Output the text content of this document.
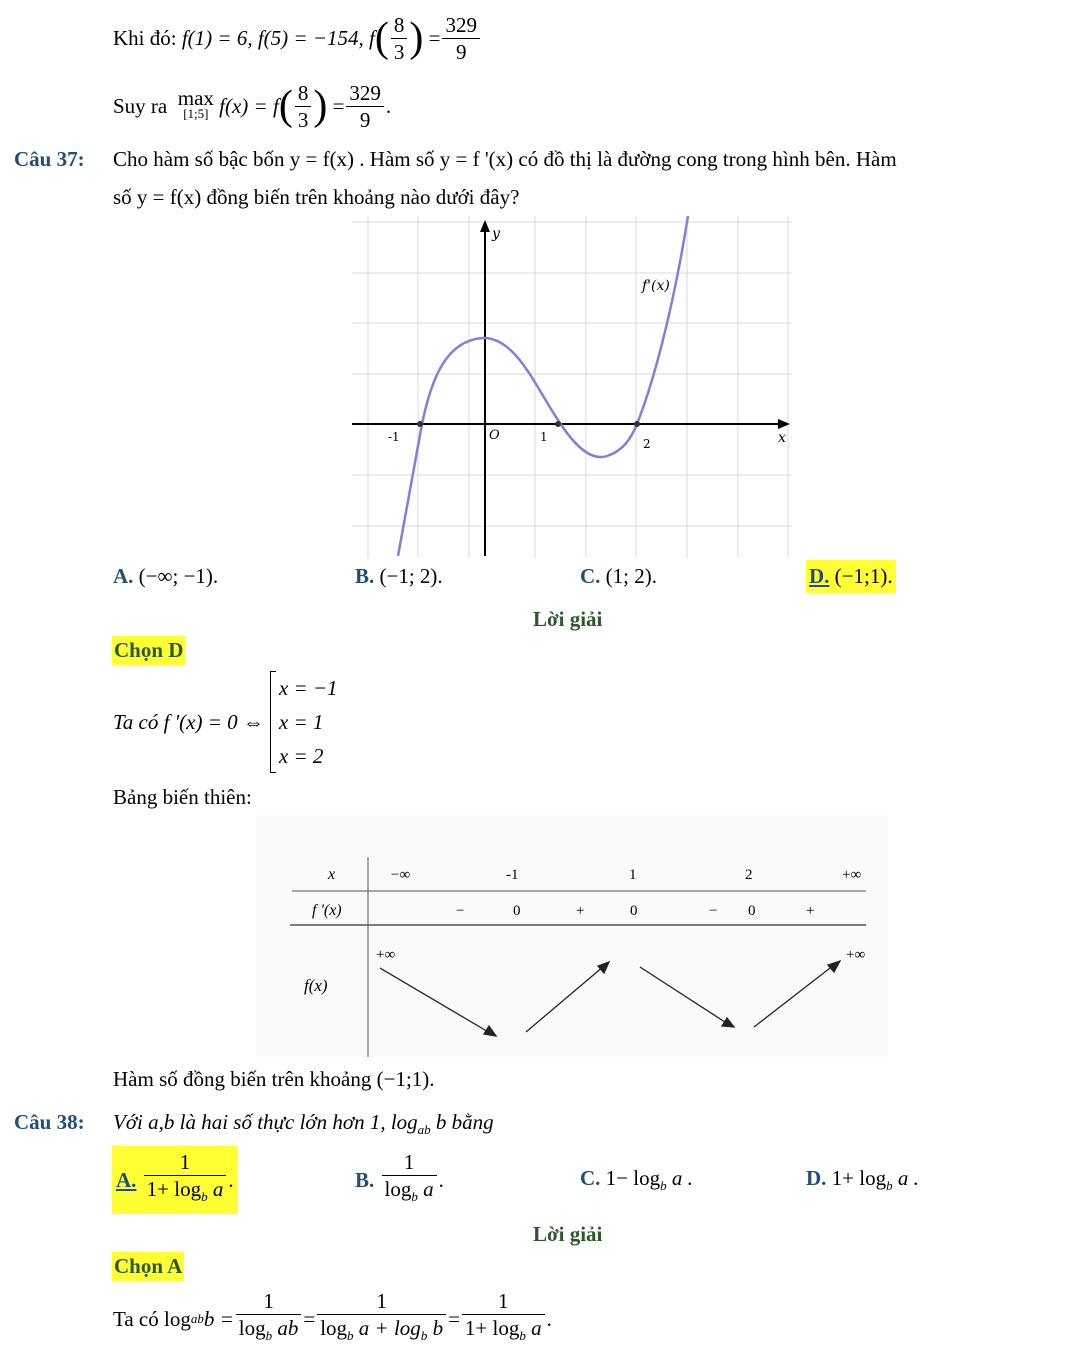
Khi đó:
f(1) = 6,
f(5) = −154,
f ( $\frac{8}{3}$ )
= $\frac{329}{9}$
Suy ra
max
[1;5]
f(x) = f ( $\frac{8}{3}$ )
= $\frac{329}{9}$ .
Câu 37: Cho hàm số bậc bốn y = f(x) . Hàm số y = f '(x) có đồ thị là đường cong trong hình bên. Hàm
số y = f(x) đồng biến trên khoảng nào dưới đây?
y
x
O
f'(x)
-1	1	2
A. (−∞; −1).	B. (−1; 2).	C. (1; 2).	D. (−1;1).
Lời giải
Chọn D
Ta có f '(x) = 0 ⇔
x = −1
x = 1
x = 2
Bảng biến thiên:
x	−∞	-1	1	2	+∞
f '(x)	−	0	+	0	− 0	+
f(x)
+∞	+∞
Hàm số đồng biến trên khoảng (−1;1).
Câu 38: Với a,b là hai số thực lớn hơn 1, $\log_{ab} b$ bằng
A.
$\frac{1}{1+ \log_b a}$ .	B.
$\frac{1}{\log_b a}$ .	C. $1- \log_b a$ .	D. $1+ \log_b a$ .
Lời giải
Chọn A
Ta có log ab $b = \frac{1}{\log_b ab} = \frac{1}{\log_b a + \log_b b} = \frac{1}{1+ \log_b a}$ .
